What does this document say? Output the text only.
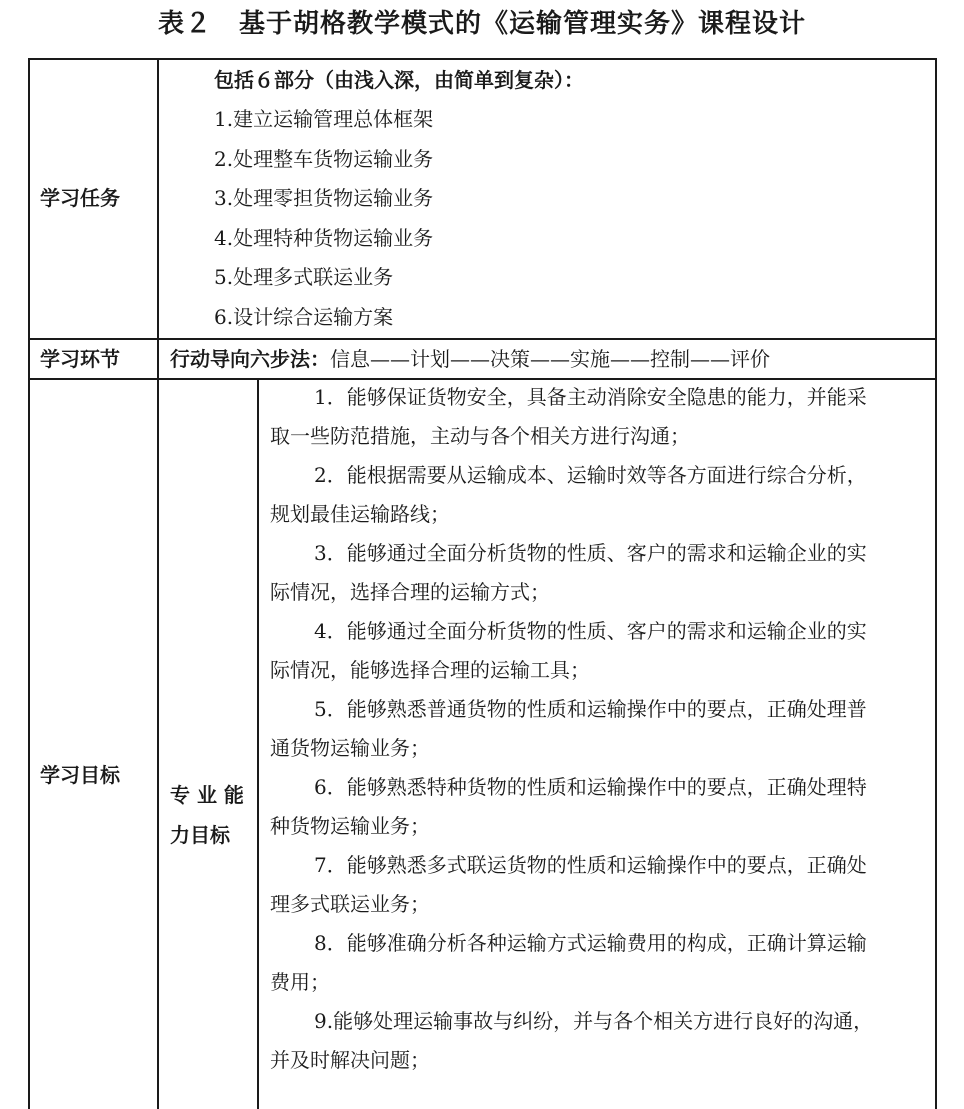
表２　基于胡格教学模式的《运输管理实务》课程设计
学习任务
包括６部分（由浅入深，由简单到复杂）：
1.建立运输管理总体框架
2.处理整车货物运输业务
3.处理零担货物运输业务
4.处理特种货物运输业务
5.处理多式联运业务
6.设计综合运输方案
学习环节	行动导向六步法：信息——计划——决策——实施——控制——评价
学习目标
专 业 能
力目标

1．能够保证货物安全，具备主动消除安全隐患的能力，并能采

取一些防范措施，主动与各个相关方进行沟通；

2．能根据需要从运输成本、运输时效等各方面进行综合分析，

规划最佳运输路线；

3．能够通过全面分析货物的性质、客户的需求和运输企业的实

际情况，选择合理的运输方式；

4．能够通过全面分析货物的性质、客户的需求和运输企业的实

际情况，能够选择合理的运输工具；

5．能够熟悉普通货物的性质和运输操作中的要点，正确处理普

通货物运输业务；

6．能够熟悉特种货物的性质和运输操作中的要点，正确处理特

种货物运输业务；

7．能够熟悉多式联运货物的性质和运输操作中的要点，正确处

理多式联运业务；

8．能够准确分析各种运输方式运输费用的构成，正确计算运输

费用；

9.能够处理运输事故与纠纷，并与各个相关方进行良好的沟通，

并及时解决问题；
